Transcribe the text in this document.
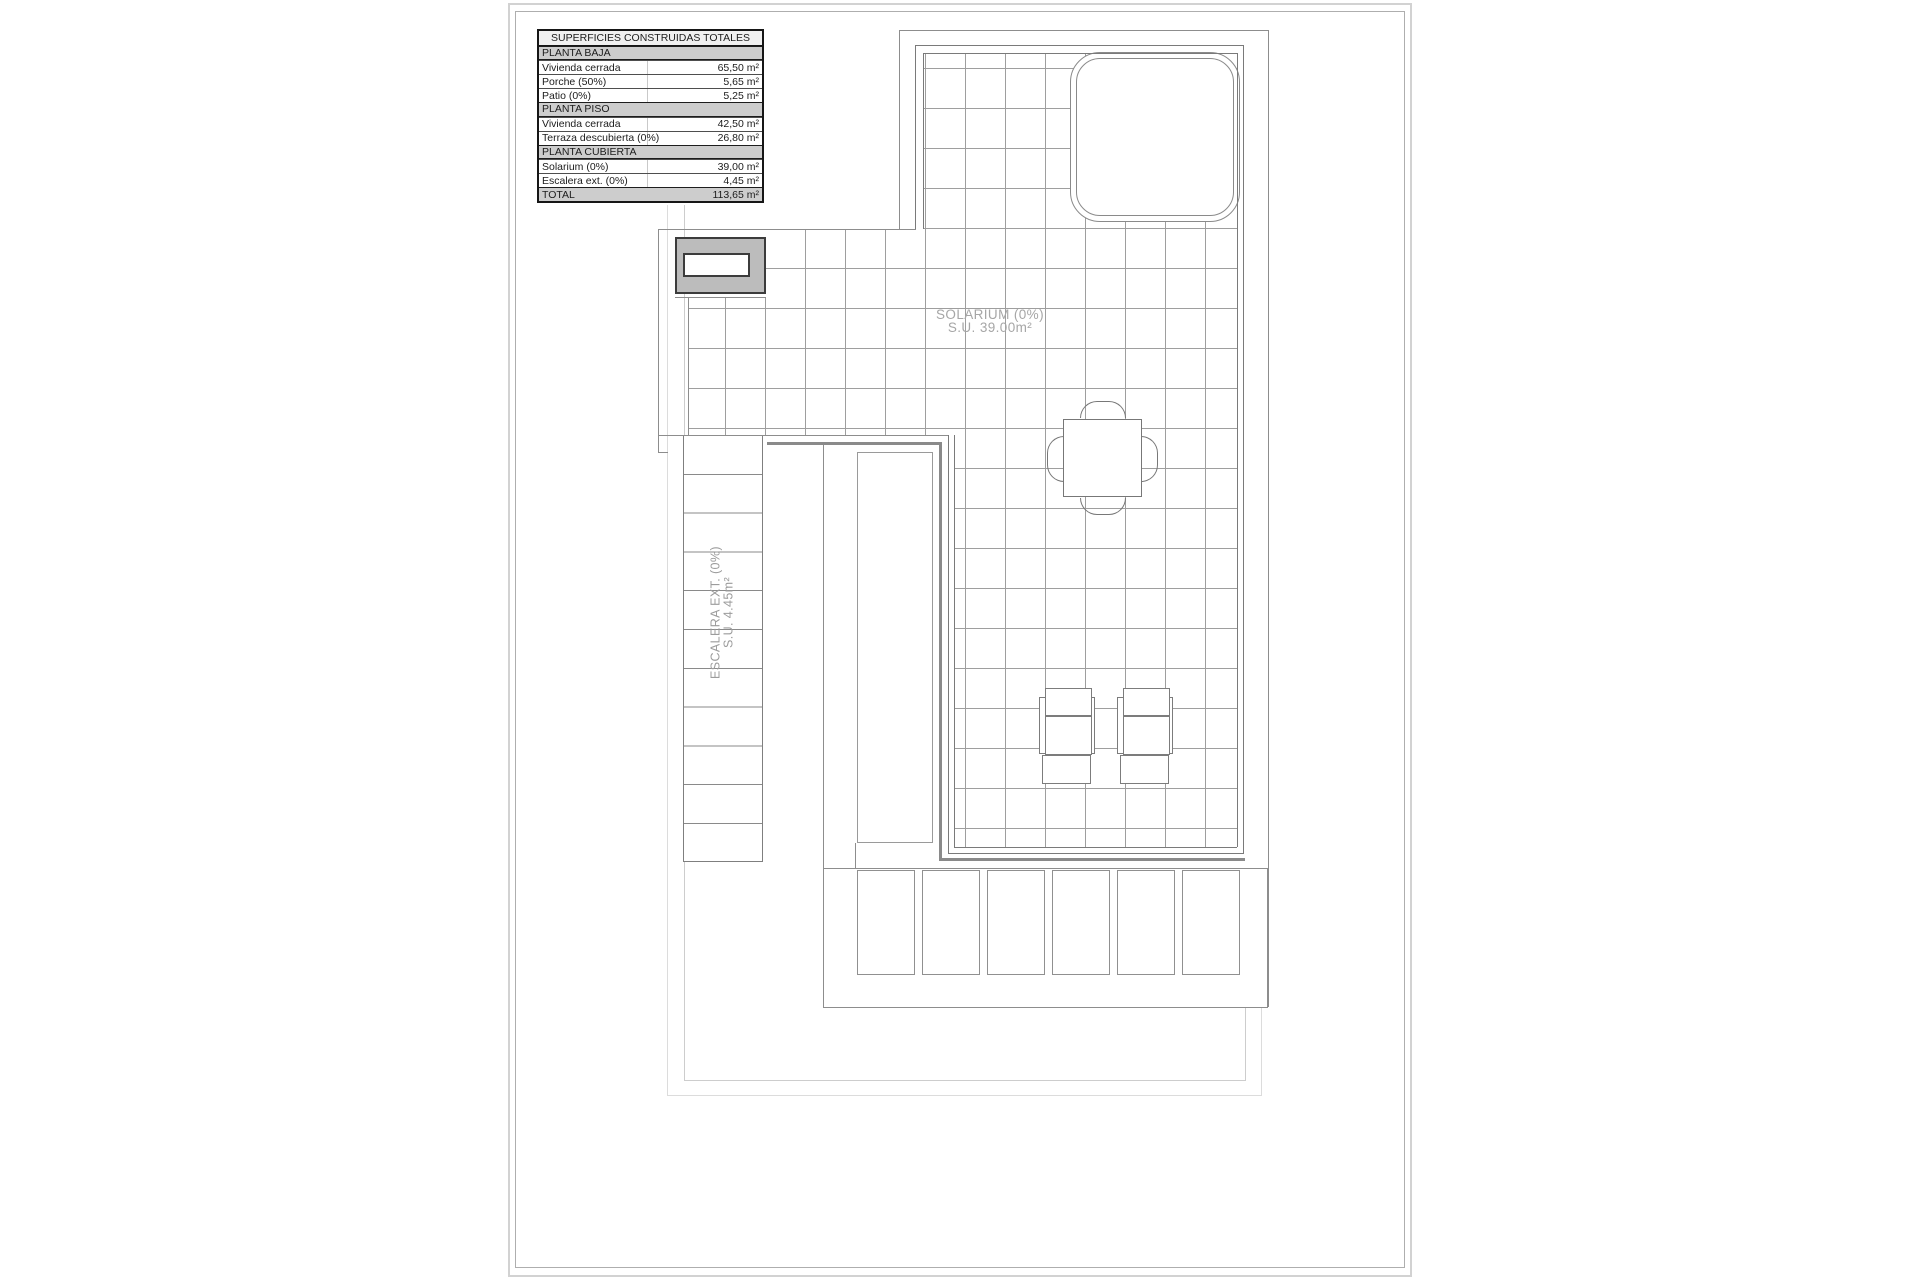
SOLARIUM (0%)
S.U. 39.00m²
ESCALERA EXT. (0%) S.U. 4.45m²
SUPERFICIES CONSTRUIDAS TOTALES
PLANTA BAJA
Vivienda cerrada	65,50 m²
Porche (50%)	5,65 m²
Patio (0%)	5,25 m²
PLANTA PISO
Vivienda cerrada	42,50 m²
Terraza descubierta (0%)	26,80 m²
PLANTA CUBIERTA
Solarium (0%)	39,00 m²
Escalera ext. (0%)	4,45 m²
TOTAL	113,65 m²
